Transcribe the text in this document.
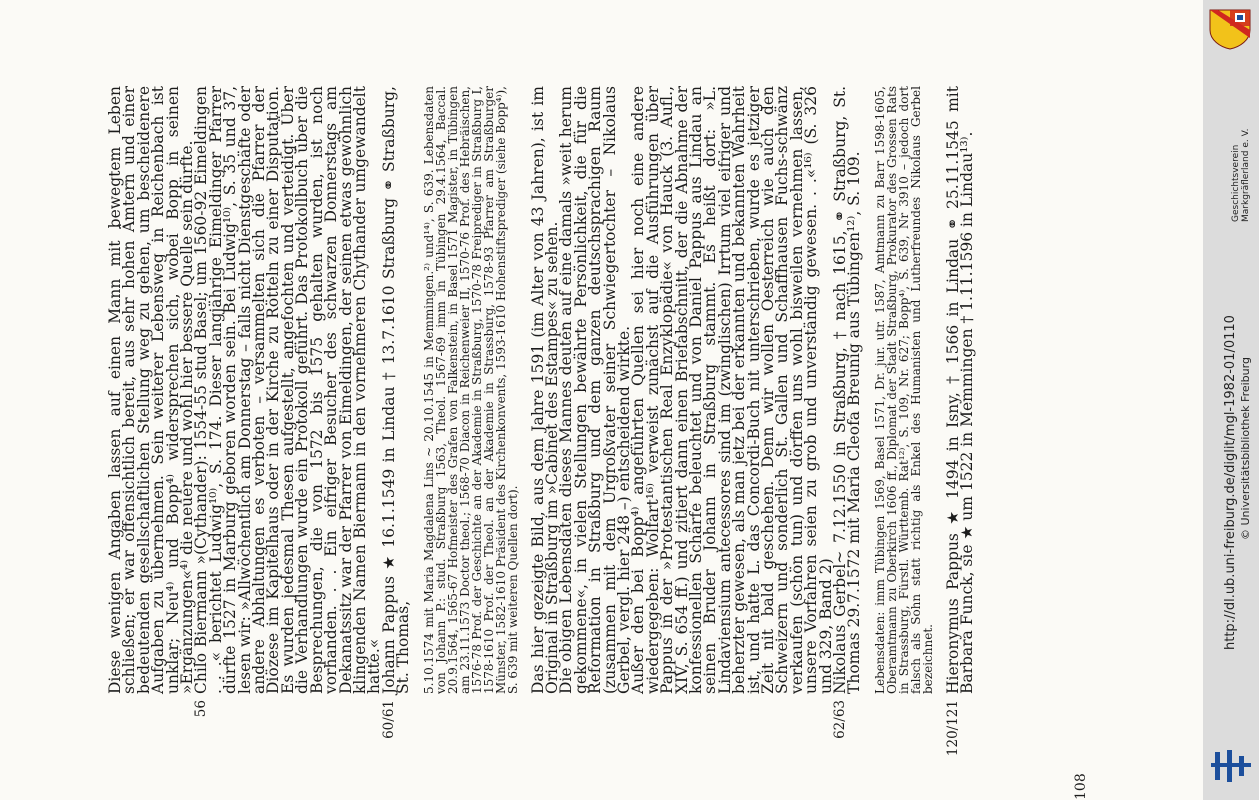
Diese wenigen Angaben lassen auf einen Mann mit bewegtem Leben schließen; er war offensichtlich bereit, aus sehr hohen Ämtern und einer bedeutenden gesellschaftlichen Stellung weg zu gehen, um bescheidenere Aufgaben zu übernehmen. Sein weiterer Lebensweg in Reichenbach ist unklar; Neu⁴⁾ und Bopp⁴⁾ widersprechen sich, wobei Bopp in seinen »Ergänzungen«⁴⁾ die neuere und wohl hier bessere Quelle sein dürfte.

56

Chilo Biermann »(Cythander): 1554-55 stud Basel; um 1560-92 Eimeldingen . . .« berichtet Ludwig¹⁰⁾, S. 174. Dieser langjährige Eimeldinger Pfarrer dürfte 1527 in Marburg geboren worden sein. Bei Ludwig¹⁰⁾, S. 35 und 37, lesen wir: »Allwöchentlich am Donnerstag – falls nicht Dienstgeschäfte oder andere Abhaltungen es verboten – versammelten sich die Pfarrer der Diözese im Kapitelhaus oder in der Kirche zu Rötteln zu einer Disputation. Es wurden jedesmal Thesen aufgestellt, angefochten und verteidigt. Über die Verhandlungen wurde ein Protokoll geführt. Das Protokollbuch über die Besprechungen, die von 1572 bis 1575 gehalten wurden, ist noch vorhanden. . . Ein eifriger Besucher des schwarzen Donnerstags am Dekanatssitz war der Pfarrer von Eimeldingen, der seinen etwas gewöhnlich klingenden Namen Biermann in den vornehmeren Chythander umgewandelt hatte.«

60/61

Johann Pappus ★ 16.1.1549 in Lindau † 13.7.1610 Straßburg ⚭ Straßburg, St. Thomas, 5.10.1574 mit Maria Magdalena Lins ~ 20.10.1545 in Memmingen.²⁾ und¹⁴⁾, S. 639. Lebensdaten von Johann P.: stud. Straßburg 1563, Theol. 1567-69 imm in Tübingen 29.4.1564, Baccal. 20.9.1564, 1565-67 Hofmeister des Grafen von Falkenstein, in Basel 1571 Magister, in Tübingen am 23.11.1573 Doctor theol.; 1568-70 Diacon in Reichenweier II, 1570-76 Prof. des Hebräischen, 1576-78 Prof. der Geschichte an der Akademie in Straßburg, 1570-78 Freiprediger in Straßburg I, 1578-1610 Prof. der Theol. an der Akademie in Strassburg, 1578-93 Pfarrer am Straßburger Münster, 1582-1610 Präsident des Kirchenkonvents, 1593-1610 Hohenstiftsprediger (siehe Bopp⁴⁾), S. 639 mit weiteren Quellen dort). Das hier gezeigte Bild, aus dem Jahre 1591 (im Alter von 43 Jahren), ist im Original in Straßburg im »Cabinet des Estampes« zu sehen.

Die obigen Lebensdaten dieses Mannes deuten auf eine damals »weit herum gekommene«, in vielen Stellungen bewährte Persönlichkeit, die für die Reformation in Straßburg und dem ganzen deutschsprachigen Raum (zusammen mit dem Urgroßvater seiner Schwiegertochter – Nikolaus Gerbel, vergl. hier 248 –) entscheidend wirkte.

Außer den bei Bopp⁴⁾ angeführten Quellen sei hier noch eine andere wiedergegeben: Wolfart¹⁶⁾ verweist zunächst auf die Ausführungen über Pappus in der »Protestantischen Real Enzyklopädie« von Hauck (3. Aufl., XIV, S. 654 ff.) und zitiert dann einen Briefabschnitt, der die Abnahme der konfessionellen Schärfe beleuchtet und von Daniel Pappus aus Lindau an seinen Bruder Johann in Straßburg stammt. Es heißt dort: »L. Lindaviensium antecessores sind im (zwinglischen) Irrtum viel eifriger und beherzter gewesen, als man jetz bei der erkannten und bekannten Wahrheit ist, und hatte L. das Concordi-Buch nit unterschrieben, wurde es jetziger Zeit nit bald geschehen. Denn wir wollen Oesterreich wie auch den Schweizern und sonderlich St. Gallen und Schaffhausen Fuchs-schwänz verkaufen (schön tun) und dörffen uns wohl bisweilen vernehmen lassen, unsere Vorfahren seien zu grob und unverständig gewesen. . .«¹⁶⁾ (S. 326 und 329, Band 2)

62/63

Nikolaus Gerbel~ 7.12.1550 in Straßburg, † nach 1615, ⚭ Straßburg, St. Thomas 29.7.1572 mit Maria Cleofa Breunig aus Tübingen¹²⁾, S. 109. Lebensdaten: imm Tübingen 1569, Basel 1571, Dr. jur. utr. 1587, Amtmann zu Barr 1598-1605, Oberamtmann zu Oberkirch 1606 ff., Diplomat der Stadt Straßburg, Prokurator des Grossen Rats in Strassburg, Fürstl. Württemb. Rat¹²⁾, S. 109, Nr. 627; Bopp⁴⁾, S. 639, Nr 3910 – jedoch dort falsch als Sohn statt richtig als Enkel des Humanisten und Lutherfreundes Nikolaus Gerbel bezeichnet.

120/121

Hieronymus Pappus ★ 1494 in Isny, † 1566 in Lindau ⚭ 25.11.1545 mit Barbara Funck, sie ★ um 1522 in Memmingen † 1.11.1596 in Lindau¹³⁾.

108
http://dl.ub.uni-freiburg.de/diglit/mgl-1982-01/0110 © Universitätsbibliothek Freiburg
Geschichtsverein Markgräflerland e. V.
